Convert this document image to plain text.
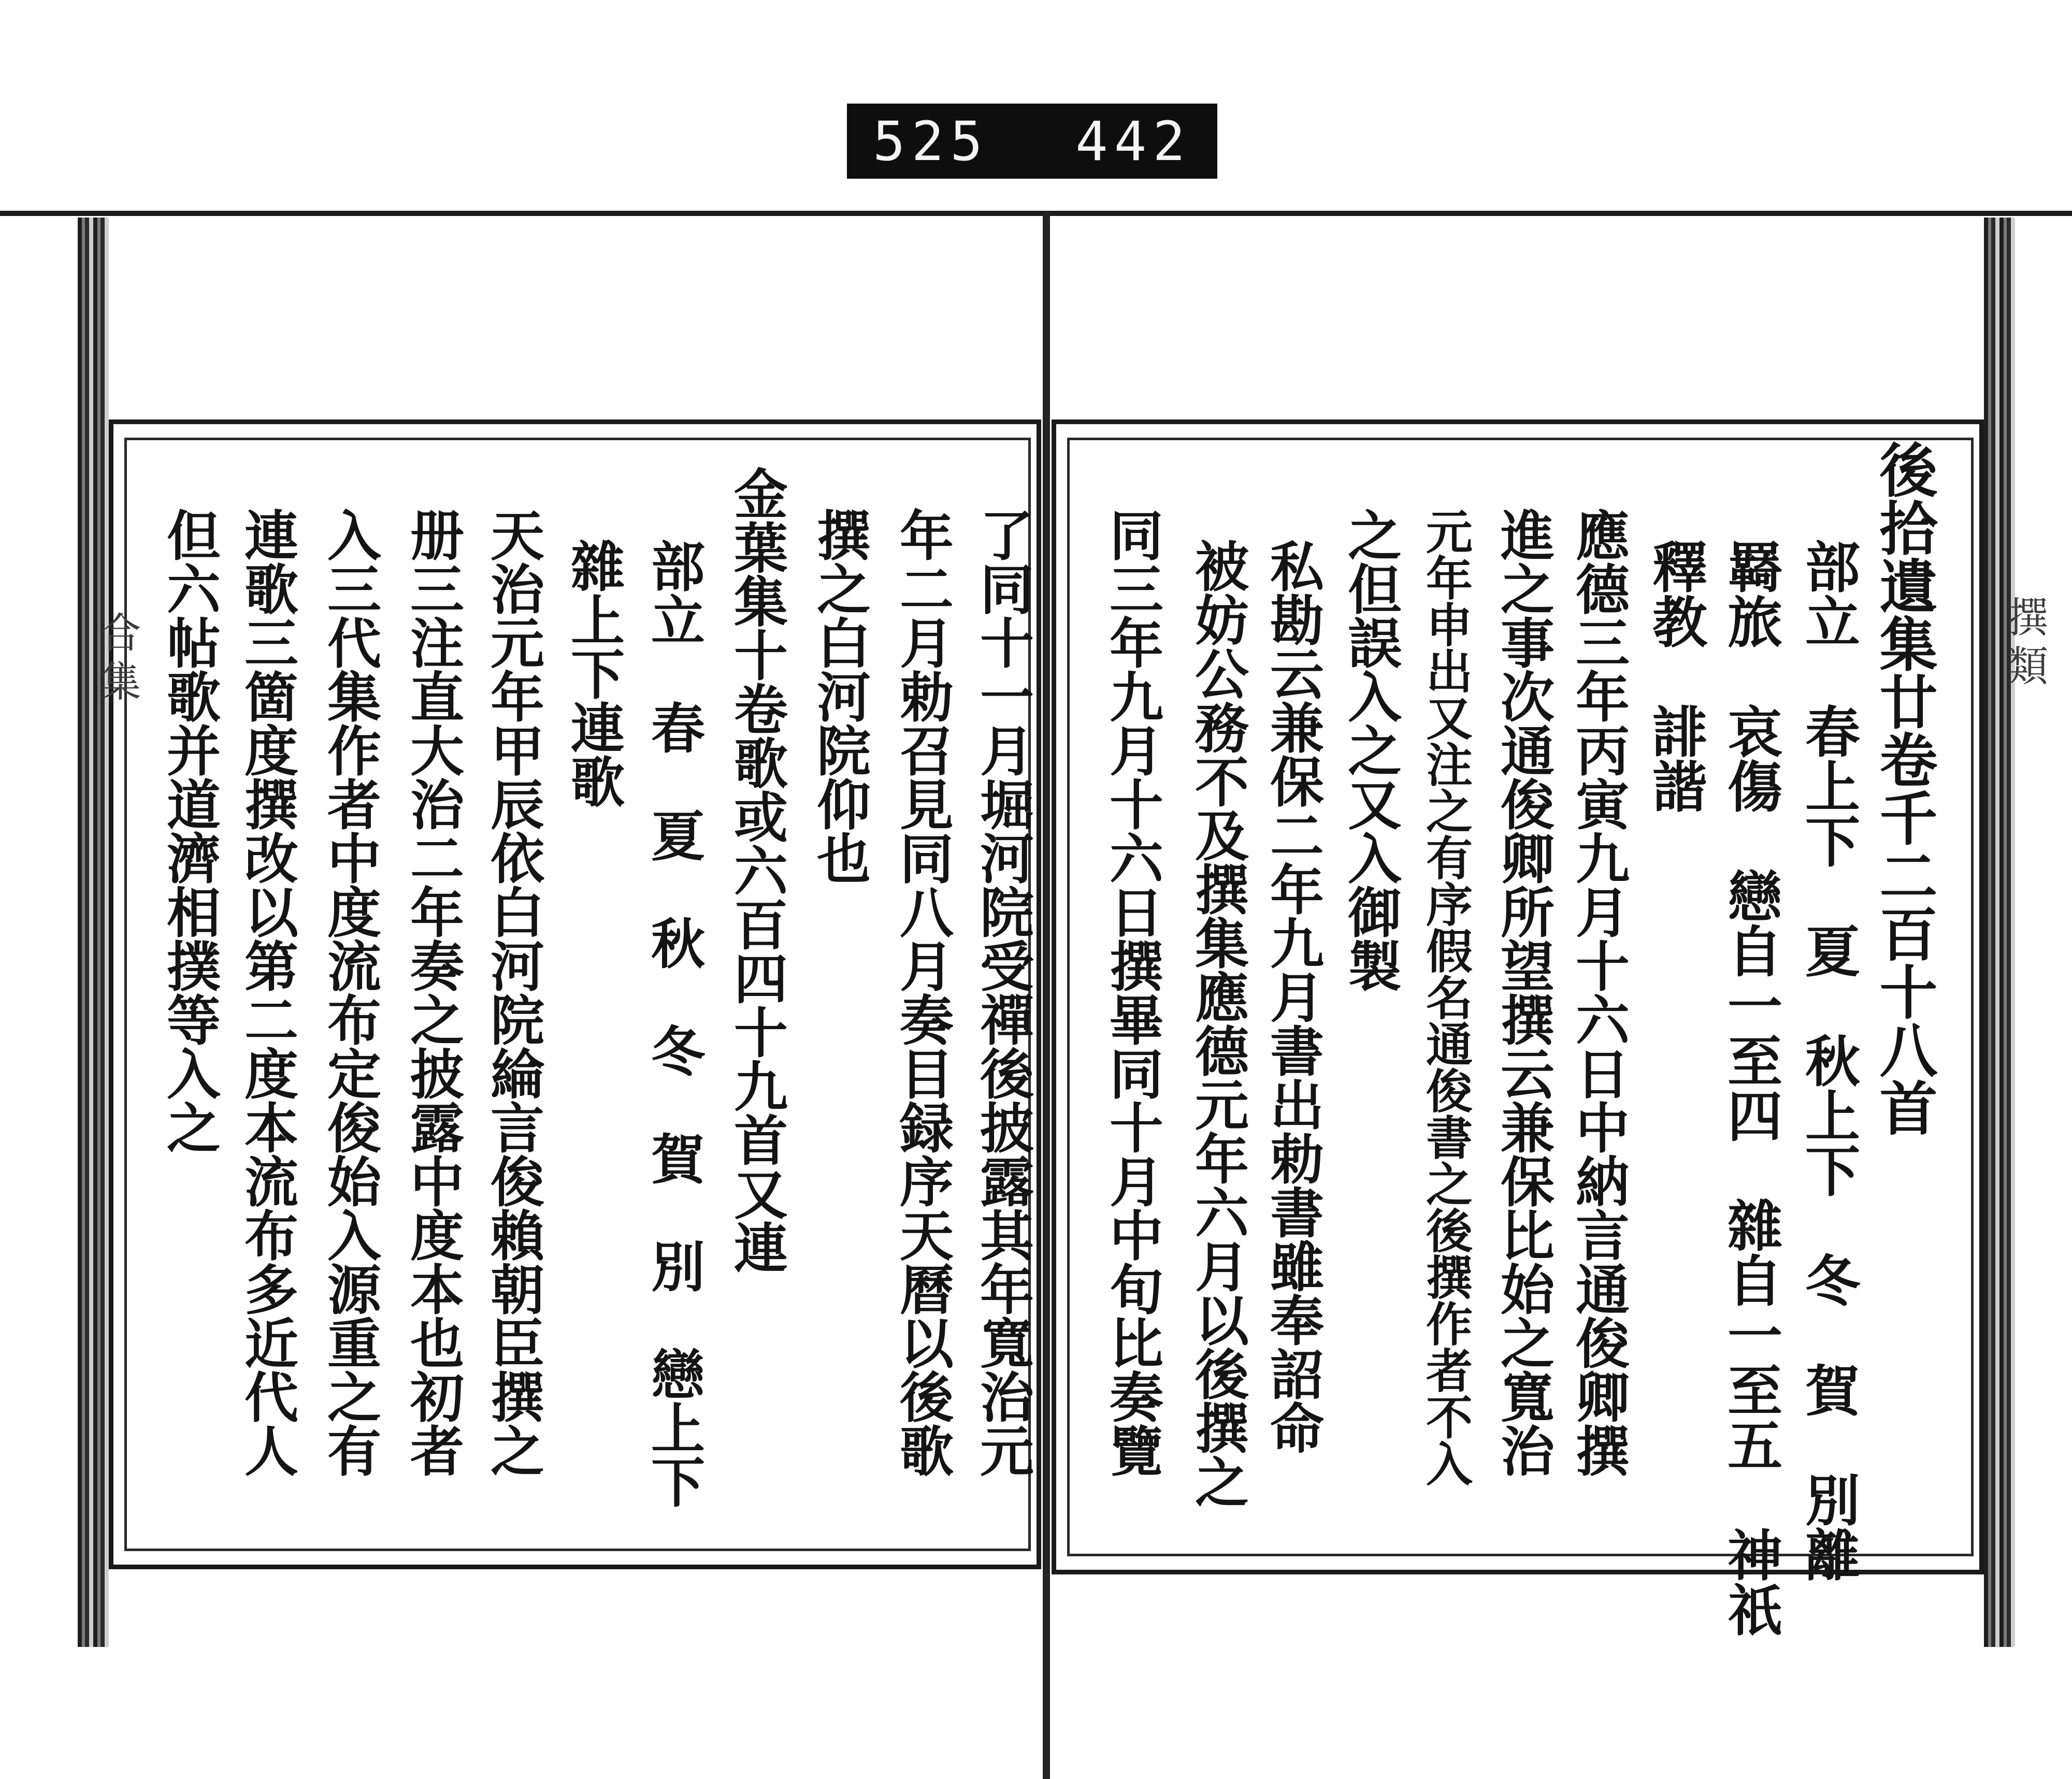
525 442
合集	撰類
後拾遺集廿卷千二百十八首
部立　春上下　夏　秋上下　冬　賀　別離
羇旅　哀傷　戀自一至四　雜自一至五　神祇
釋教　誹諧
應德三年丙寅九月十六日中納言通俊卿撰
進之事次通俊卿所望撰云兼保比始之寬治
元年申出又注之有序假名通俊書之後撰作者不入
之但誤入之又入御製
私勘云兼保二年九月書出勅書雖奉詔命
被妨公務不及撰集應德元年六月以後撰之
同三年九月十六日撰畢同十月中旬比奏覽
了同十一月堀河院受禪後披露其年寬治元
年二月勅召見同八月奏目録序天曆以後歌
撰之白河院仰也
金葉集十卷歌或六百四十九首又連
部立　春　夏　秋　冬　賀　別　戀上下
雜上下連歌
天治元年甲辰依白河院綸言俊賴朝臣撰之
册三注直大治二年奏之披露中度本也初者
入三代集作者中度流布定俊始入源重之有
連歌三箇度撰改以第二度本流布多近代人
但六帖歌并道濟相撲等入之
